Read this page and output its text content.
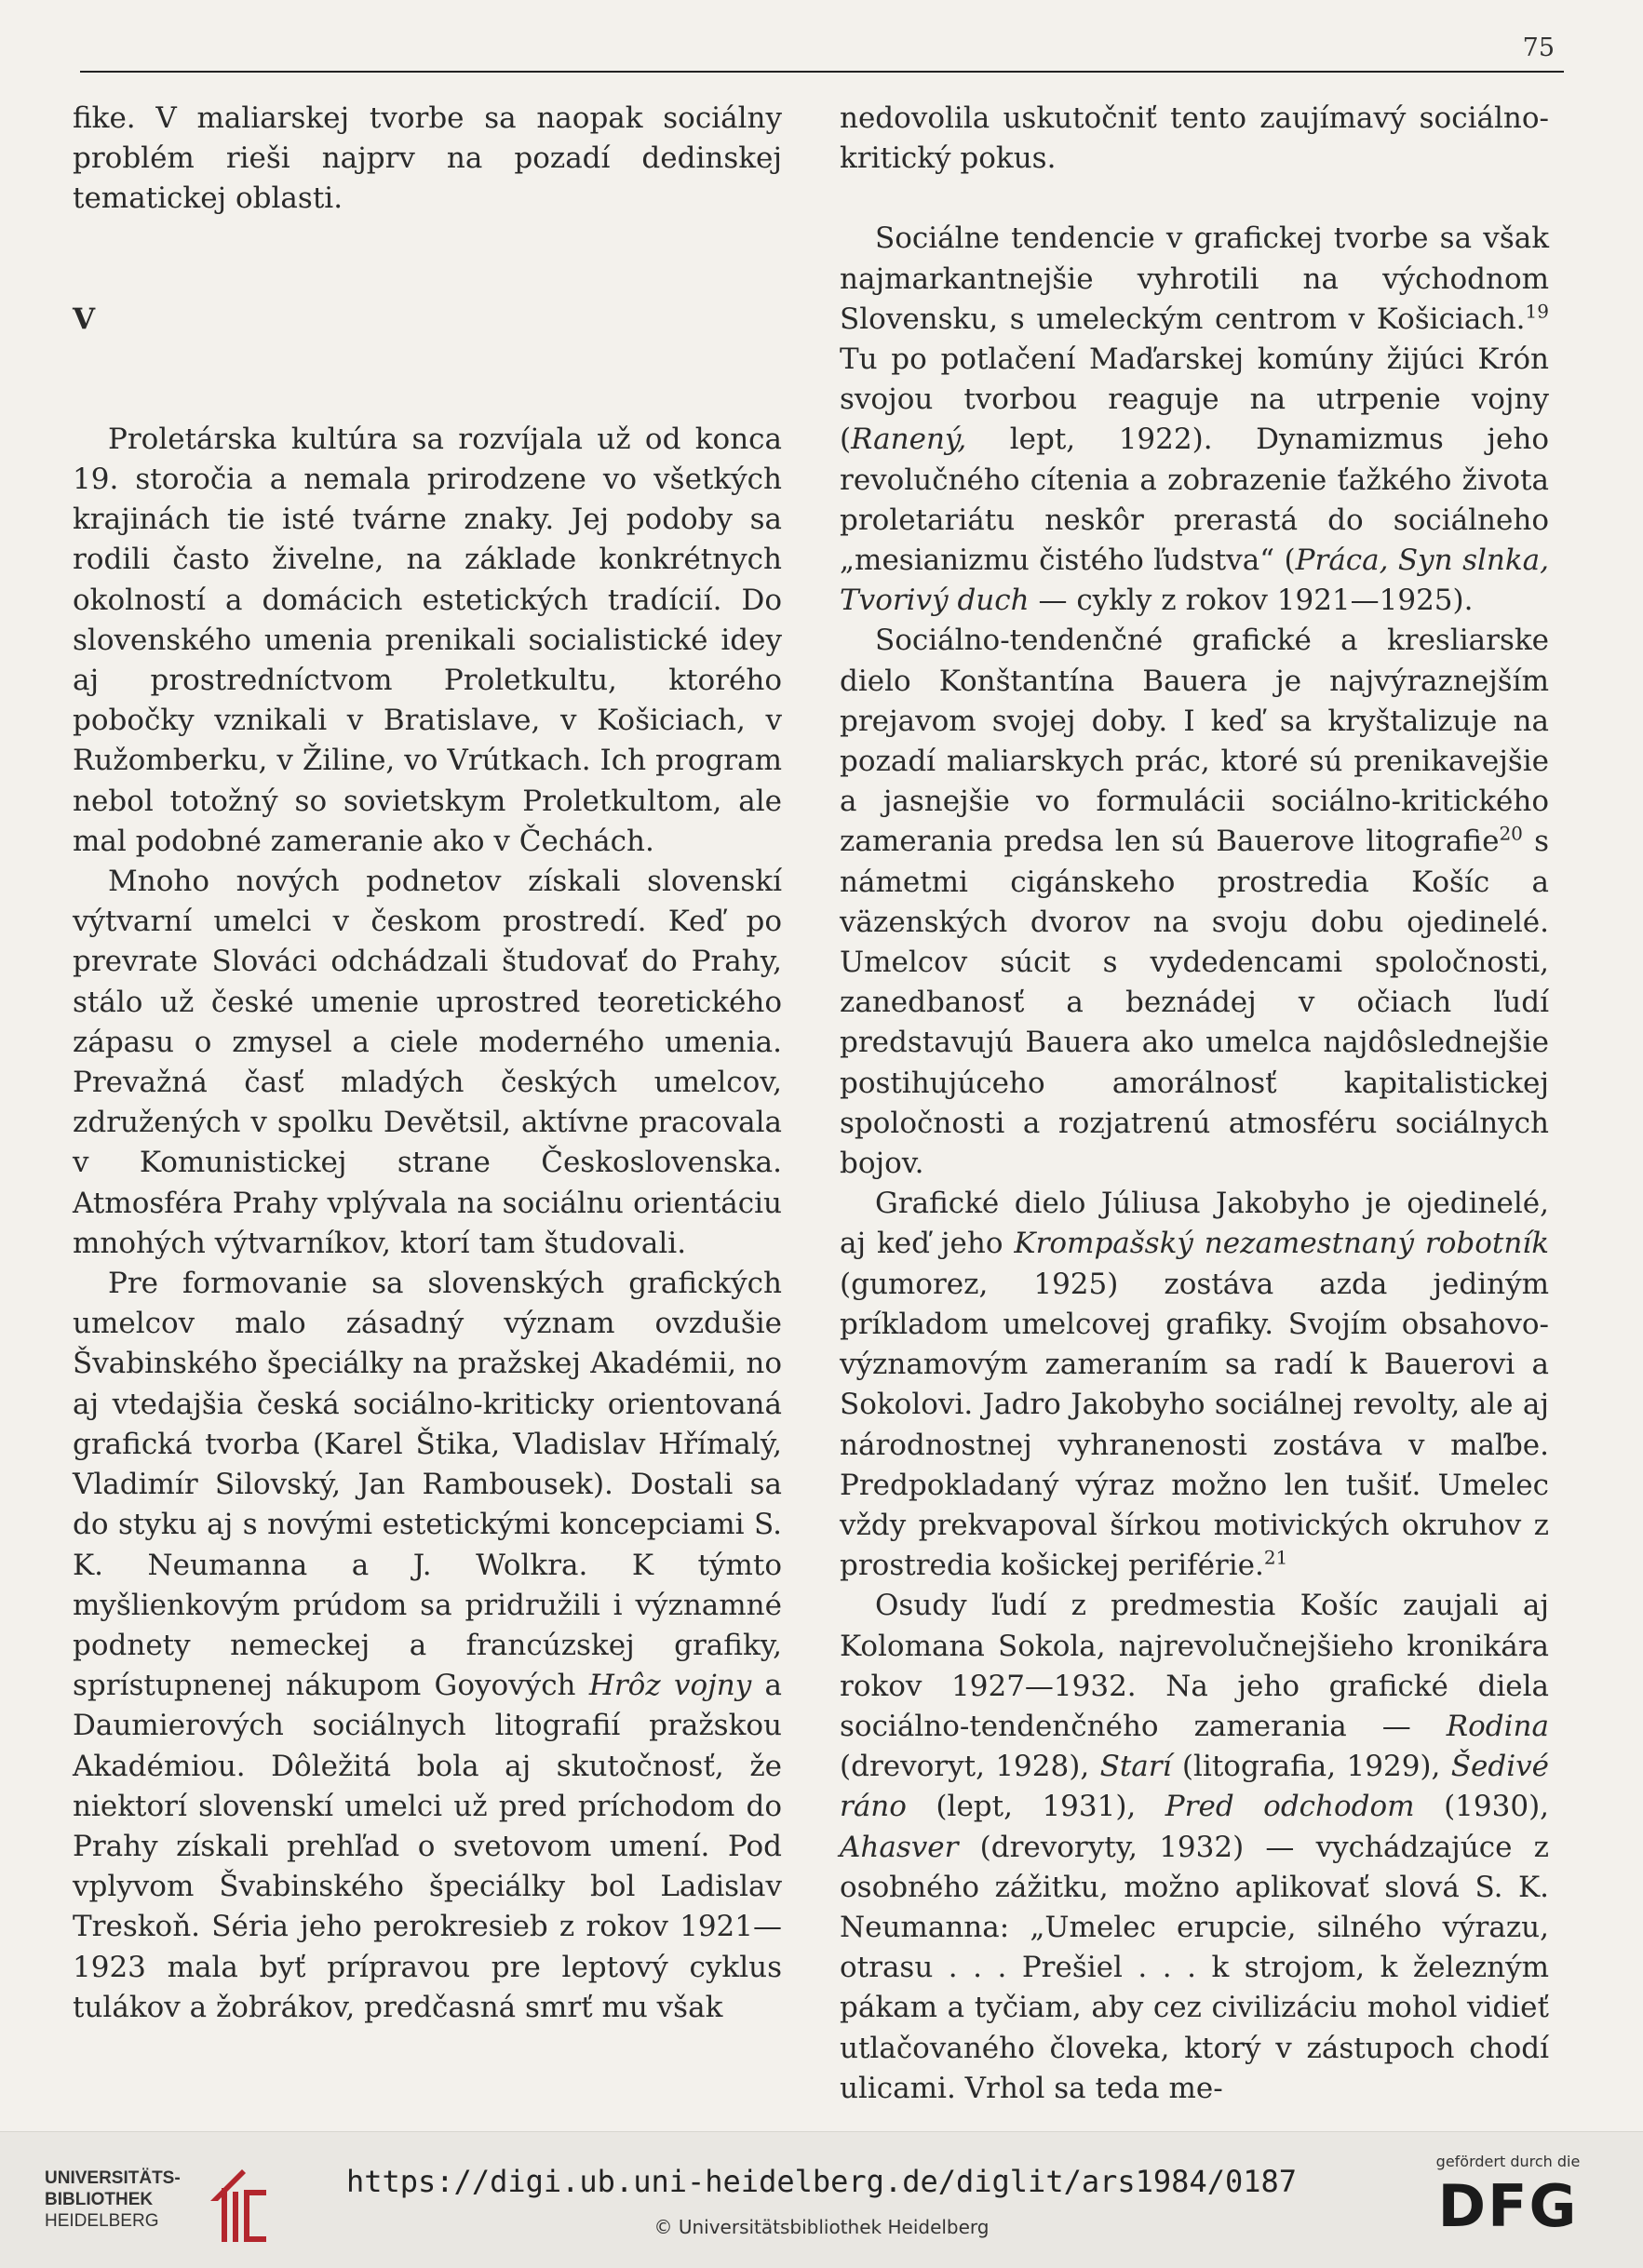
75

fike. V maliarskej tvorbe sa naopak sociálny problém rieši najprv na pozadí dedinskej tematickej oblasti.

V

Proletárska kultúra sa rozvíjala už od konca 19. storočia a nemala prirodzene vo všetkých krajinách tie isté tvárne znaky. Jej podoby sa rodili často živelne, na základe konkrétnych okolností a domácich estetických tradícií. Do slovenského umenia prenikali socialistické idey aj prostredníctvom Proletkultu, ktorého pobočky vznikali v Bratislave, v Košiciach, v Ružomberku, v Žiline, vo Vrútkach. Ich program nebol totožný so sovietskym Proletkultom, ale mal podobné zameranie ako v Čechách.

Mnoho nových podnetov získali slovenskí výtvarní umelci v českom prostredí. Keď po prevrate Slováci odchádzali študovať do Prahy, stálo už české umenie uprostred teoretického zápasu o zmysel a ciele moderného umenia. Prevažná časť mladých českých umelcov, združených v spolku Devětsil, aktívne pracovala v Komunistickej strane Československa. Atmosféra Prahy vplývala na sociálnu orientáciu mnohých výtvarníkov, ktorí tam študovali.

Pre formovanie sa slovenských grafických umelcov malo zásadný význam ovzdušie Švabinského špeciálky na pražskej Akadémii, no aj vtedajšia česká sociálno-kriticky orientovaná grafická tvorba (Karel Štika, Vladislav Hřímalý, Vladimír Silovský, Jan Rambousek). Dostali sa do styku aj s novými estetickými koncepciami S. K. Neumanna a J. Wolkra. K týmto myšlienkovým prúdom sa pridružili i významné podnety nemeckej a francúzskej grafiky, sprístupnenej nákupom Goyových Hrôz vojny a Daumierových sociálnych litografií pražskou Akadémiou. Dôležitá bola aj skutočnosť, že niektorí slovenskí umelci už pred príchodom do Prahy získali prehľad o svetovom umení. Pod vplyvom Švabinského špeciálky bol Ladislav Treskoň. Séria jeho perokresieb z rokov 1921—1923 mala byť prípravou pre leptový cyklus tulákov a žobrákov, predčasná smrť mu však

nedovolila uskutočniť tento zaujímavý sociálno-kritický pokus.

Sociálne tendencie v grafickej tvorbe sa však najmarkantnejšie vyhrotili na východnom Slovensku, s umeleckým centrom v Košiciach.$^{19}$ Tu po potlačení Maďarskej komúny žijúci Krón svojou tvorbou reaguje na utrpenie vojny (Ranený, lept, 1922). Dynamizmus jeho revolučného cítenia a zobrazenie ťažkého života proletariátu neskôr prerastá do sociálneho „mesianizmu čistého ľudstva“ (Práca, Syn slnka, Tvorivý duch — cykly z rokov 1921—1925).

Sociálno-tendenčné grafické a kresliarske dielo Konštantína Bauera je najvýraznejším prejavom svojej doby. I keď sa kryštalizuje na pozadí maliarskych prác, ktoré sú prenikavejšie a jasnejšie vo formulácii sociálno-kritického zamerania predsa len sú Bauerove litografie$^{20}$ s námetmi cigánskeho prostredia Košíc a väzenských dvorov na svoju dobu ojedinelé. Umelcov súcit s vydedencami spoločnosti, zanedbanosť a beznádej v očiach ľudí predstavujú Bauera ako umelca najdôslednejšie postihujúceho amorálnosť kapitalistickej spoločnosti a rozjatrenú atmosféru sociálnych bojov.

Grafické dielo Júliusa Jakobyho je ojedinelé, aj keď jeho Krompašský nezamestnaný robotník (gumorez, 1925) zostáva azda jediným príkladom umelcovej grafiky. Svojím obsahovo-významovým zameraním sa radí k Bauerovi a Sokolovi. Jadro Jakobyho sociálnej revolty, ale aj národnostnej vyhranenosti zostáva v maľbe. Predpokladaný výraz možno len tušiť. Umelec vždy prekvapoval šírkou motivických okruhov z prostredia košickej periférie.$^{21}$

Osudy ľudí z predmestia Košíc zaujali aj Kolomana Sokola, najrevolučnejšieho kronikára rokov 1927—1932. Na jeho grafické diela sociálno-tendenčného zamerania — Rodina (drevoryt, 1928), Starí (litografia, 1929), Šedivé ráno (lept, 1931), Pred odchodom (1930), Ahasver (drevoryty, 1932) — vychádzajúce z osobného zážitku, možno aplikovať slová S. K. Neumanna: „Umelec erupcie, silného výrazu, otrasu . . . Prešiel . . . k strojom, k železným pákam a tyčiam, aby cez civilizáciu mohol vidieť utlačovaného človeka, ktorý v zástupoch chodí ulicami. Vrhol sa teda me-

UNIVERSITÄTS-
BIBLIOTHEK
HEIDELBERG
https://digi.ub.uni-heidelberg.de/diglit/ars1984/0187
© Universitätsbibliothek Heidelberg
gefördert durch die
DFG
